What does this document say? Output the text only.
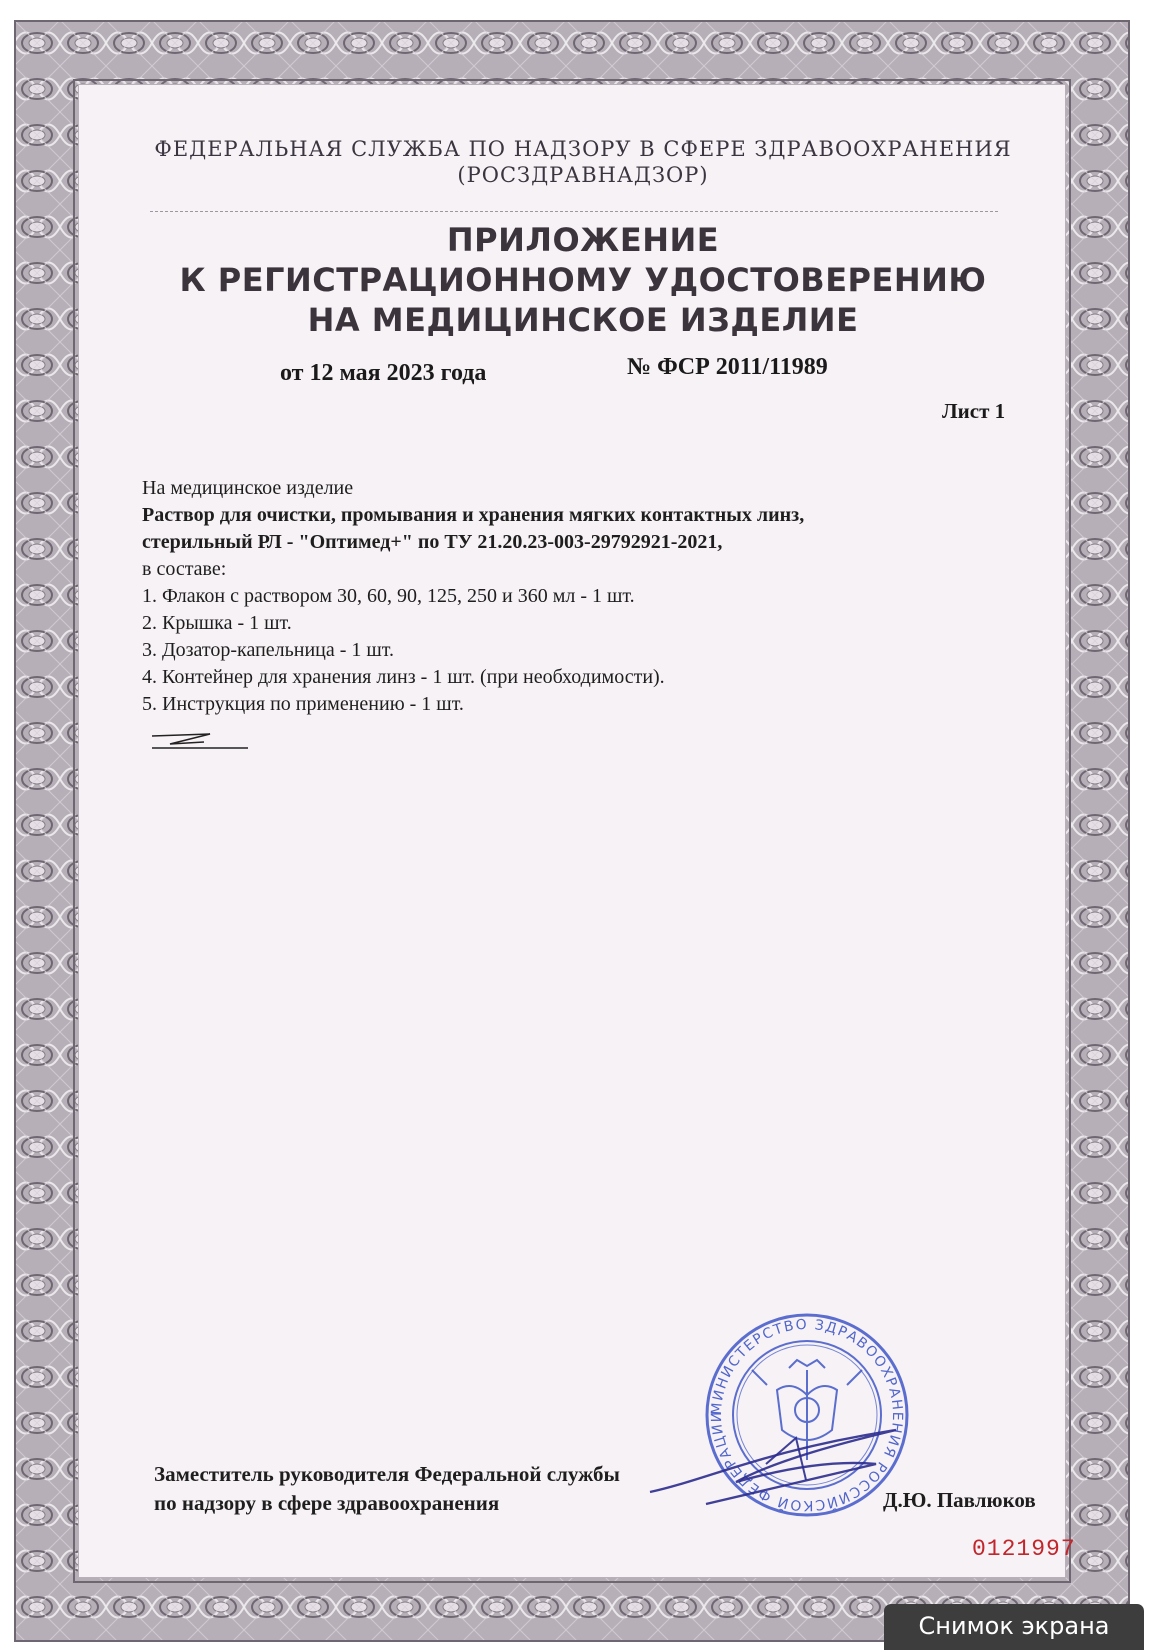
ФЕДЕРАЛЬНАЯ СЛУЖБА ПО НАДЗОРУ В СФЕРЕ ЗДРАВООХРАНЕНИЯ
(РОСЗДРАВНАДЗОР)
ПРИЛОЖЕНИЕ
К РЕГИСТРАЦИОННОМУ УДОСТОВЕРЕНИЮ
НА МЕДИЦИНСКОЕ ИЗДЕЛИЕ
от 12 мая 2023 года	№ ФСР 2011/11989
Лист 1

На медицинское изделие

Раствор для очистки, промывания и хранения мягких контактных линз,

стерильный РЛ - "Оптимед+" по ТУ 21.20.23-003-29792921-2021,

в составе:

1. Флакон с раствором 30, 60, 90, 125, 250 и 360 мл - 1 шт.

2. Крышка - 1 шт.

3. Дозатор-капельница - 1 шт.

4. Контейнер для хранения линз - 1 шт. (при необходимости).

5. Инструкция по применению - 1 шт.

МИНИСТЕРСТВО ЗДРАВООХРАНЕНИЯ РОССИЙСКОЙ ФЕДЕРАЦИИ
Заместитель руководителя Федеральной службы
по надзору в сфере здравоохранения	Д.Ю. Павлюков
0121997
Снимок экрана
